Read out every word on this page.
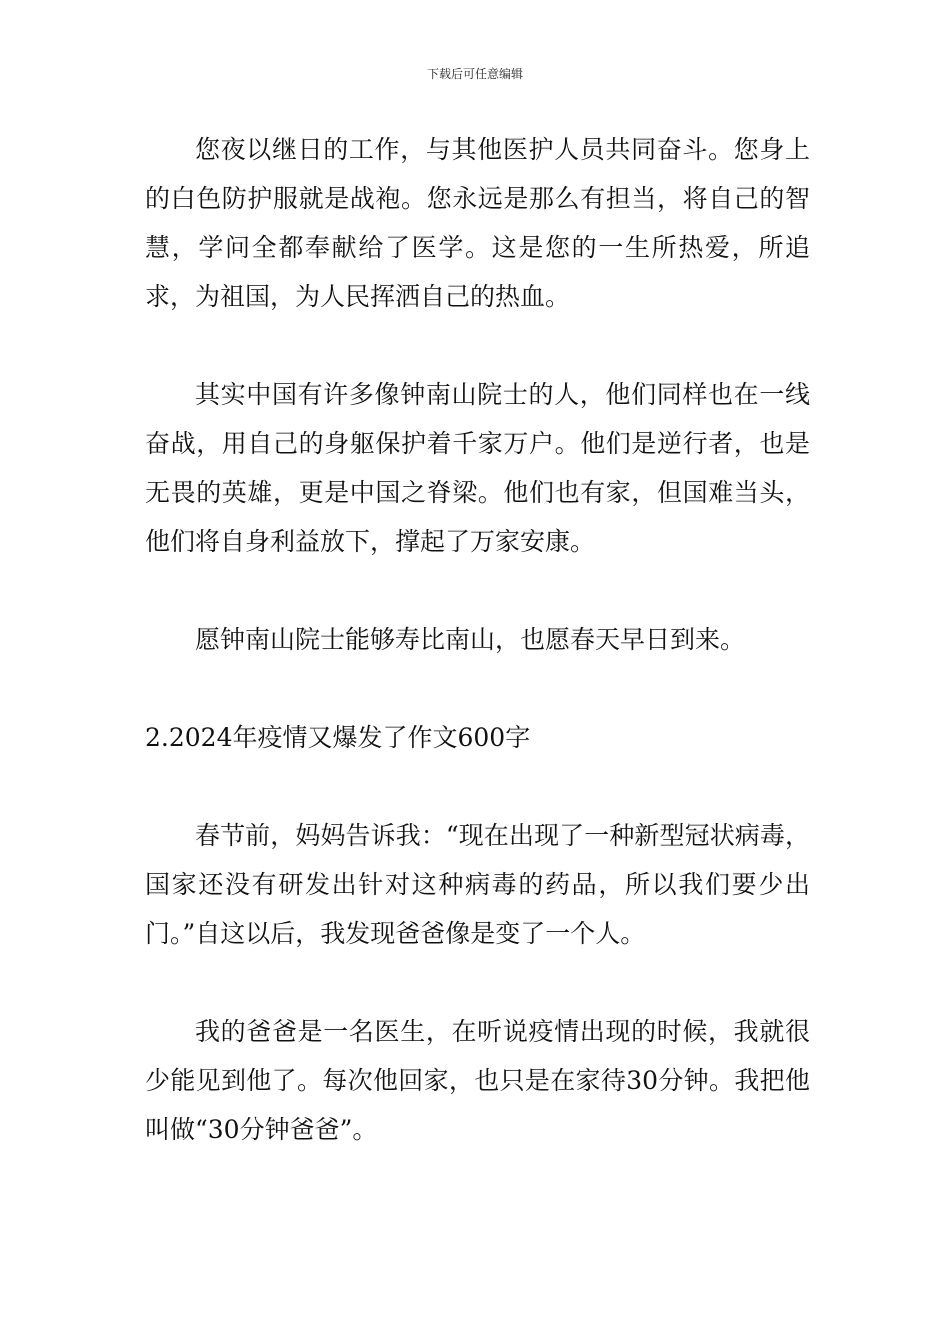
下载后可任意编辑

您夜以继日的工作，与其他医护人员共同奋斗。您身上的白色防护服就是战袍。您永远是那么有担当，将自己的智慧，学问全都奉献给了医学。这是您的一生所热爱，所追求，为祖国，为人民挥洒自己的热血。

其实中国有许多像钟南山院士的人，他们同样也在一线奋战，用自己的身躯保护着千家万户。他们是逆行者，也是无畏的英雄，更是中国之脊梁。他们也有家，但国难当头，他们将自身利益放下，撑起了万家安康。

愿钟南山院士能够寿比南山，也愿春天早日到来。

2.2024年疫情又爆发了作文600字

春节前，妈妈告诉我：“现在出现了一种新型冠状病毒，国家还没有研发出针对这种病毒的药品，所以我们要少出门。”自这以后，我发现爸爸像是变了一个人。

我的爸爸是一名医生，在听说疫情出现的时候，我就很少能见到他了。每次他回家，也只是在家待30分钟。我把他叫做“30分钟爸爸”。
